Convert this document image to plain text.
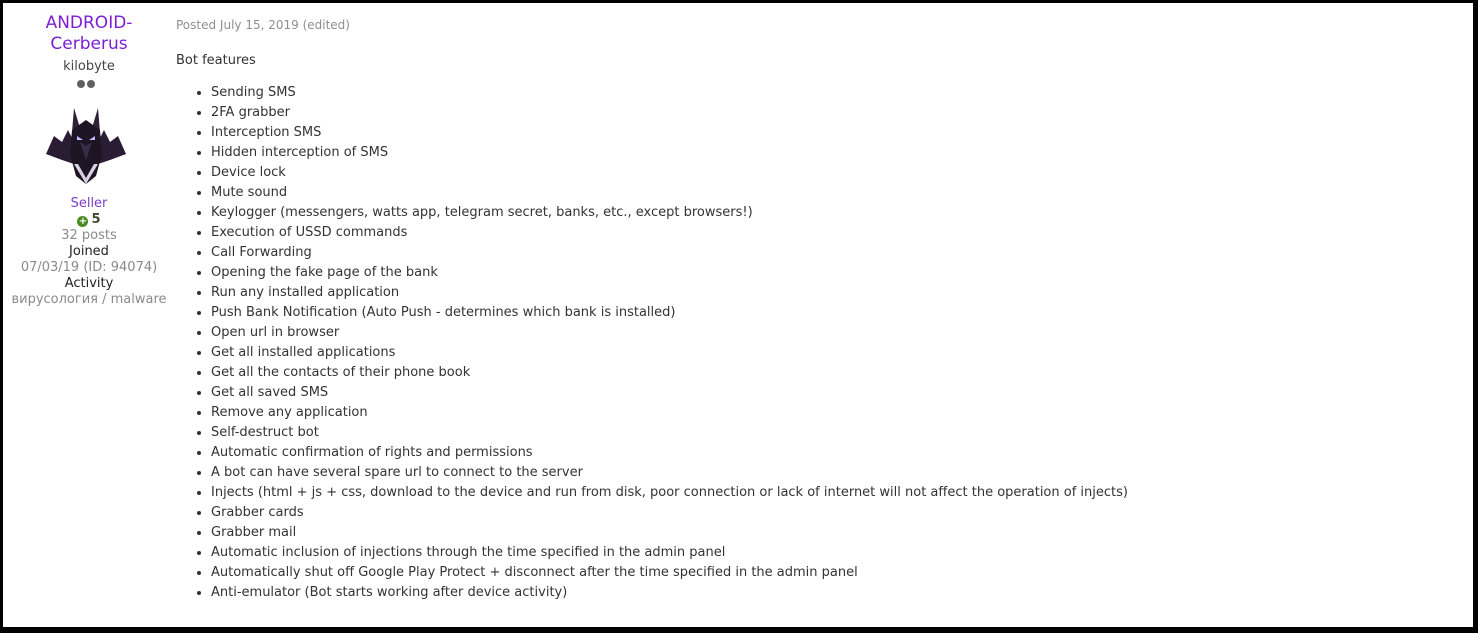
ANDROID-
Cerberus
kilobyte
Seller
+ 5
32 posts
Joined
07/03/19 (ID: 94074)
Activity
вирусология / malware
Posted July 15, 2019 (edited)
Bot features
• Sending SMS
• 2FA grabber
• Interception SMS
• Hidden interception of SMS
• Device lock
• Mute sound
• Keylogger (messengers, watts app, telegram secret, banks, etc., except browsers!)
• Execution of USSD commands
• Call Forwarding
• Opening the fake page of the bank
• Run any installed application
• Push Bank Notification (Auto Push - determines which bank is installed)
• Open url in browser
• Get all installed applications
• Get all the contacts of their phone book
• Get all saved SMS
• Remove any application
• Self-destruct bot
• Automatic confirmation of rights and permissions
• A bot can have several spare url to connect to the server
• Injects (html + js + css, download to the device and run from disk, poor connection or lack of internet will not affect the operation of injects)
• Grabber cards
• Grabber mail
• Automatic inclusion of injections through the time specified in the admin panel
• Automatically shut off Google Play Protect + disconnect after the time specified in the admin panel
• Anti-emulator (Bot starts working after device activity)
